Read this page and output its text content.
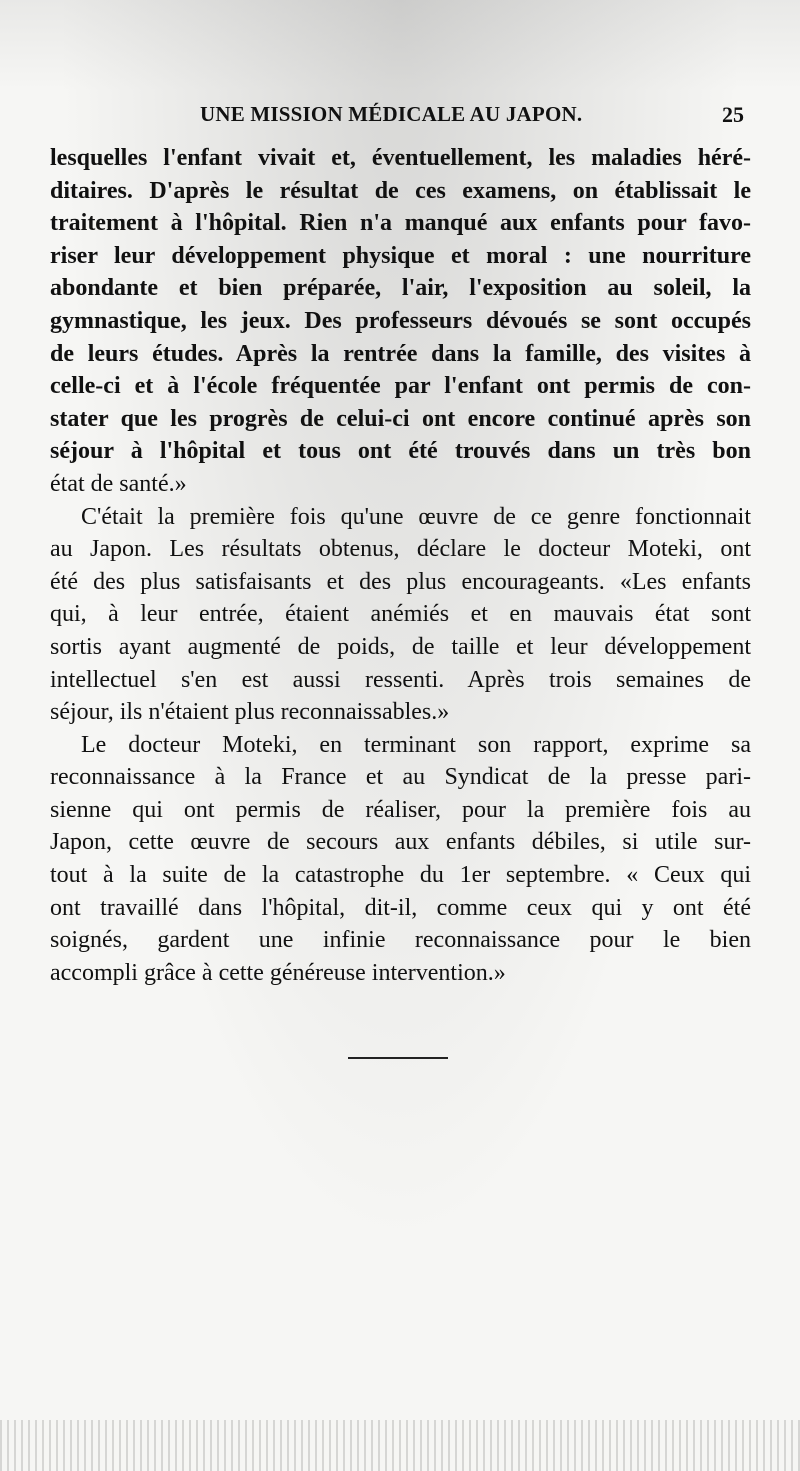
UNE MISSION MÉDICALE AU JAPON.	25
lesquelles l'enfant vivait et, éventuellement, les maladies héré-
ditaires. D'après le résultat de ces examens, on établissait le
traitement à l'hôpital. Rien n'a manqué aux enfants pour favo-
riser leur développement physique et moral : une nourriture
abondante et bien préparée, l'air, l'exposition au soleil, la
gymnastique, les jeux. Des professeurs dévoués se sont occupés
de leurs études. Après la rentrée dans la famille, des visites à
celle-ci et à l'école fréquentée par l'enfant ont permis de con-
stater que les progrès de celui-ci ont encore continué après son
séjour à l'hôpital et tous ont été trouvés dans un très bon
état de santé.»
C'était la première fois qu'une œuvre de ce genre fonctionnait
au Japon. Les résultats obtenus, déclare le docteur Moteki, ont
été des plus satisfaisants et des plus encourageants. «Les enfants
qui, à leur entrée, étaient anémiés et en mauvais état sont
sortis ayant augmenté de poids, de taille et leur développement
intellectuel s'en est aussi ressenti. Après trois semaines de
séjour, ils n'étaient plus reconnaissables.»
Le docteur Moteki, en terminant son rapport, exprime sa
reconnaissance à la France et au Syndicat de la presse pari-
sienne qui ont permis de réaliser, pour la première fois au
Japon, cette œuvre de secours aux enfants débiles, si utile sur-
tout à la suite de la catastrophe du 1er septembre. « Ceux qui
ont travaillé dans l'hôpital, dit-il, comme ceux qui y ont été
soignés, gardent une infinie reconnaissance pour le bien
accompli grâce à cette généreuse intervention.»
